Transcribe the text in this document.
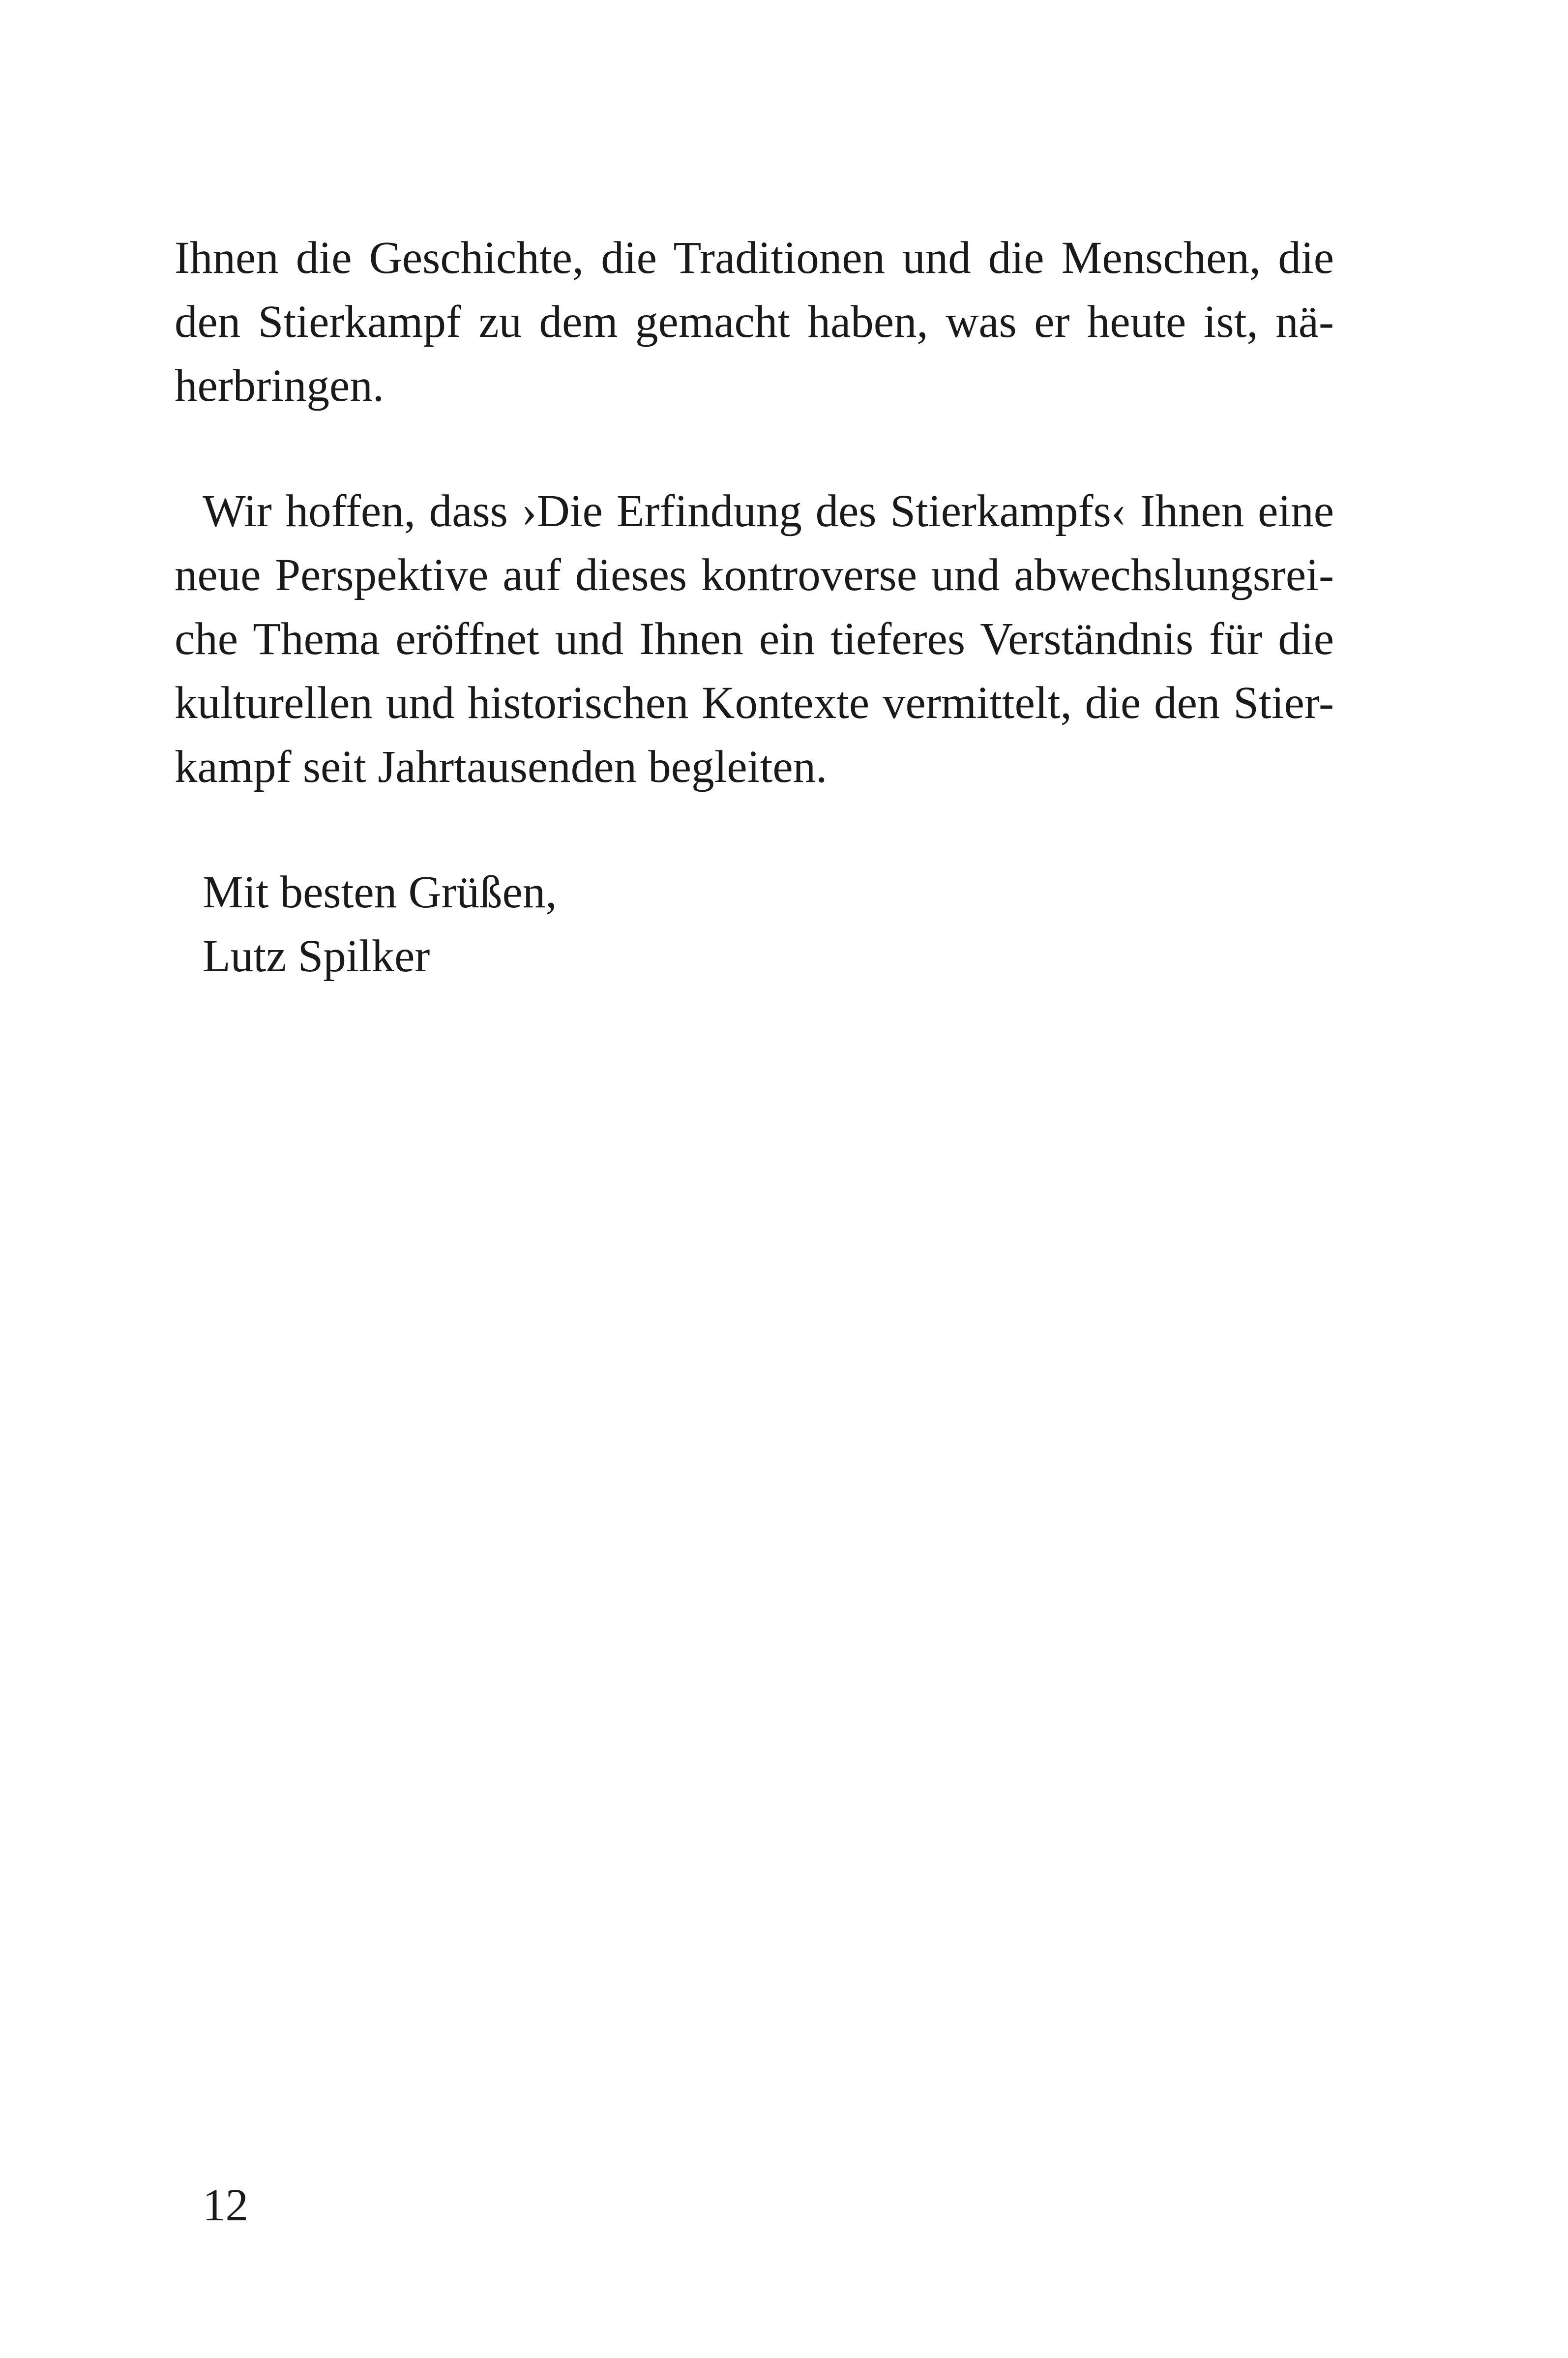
Ihnen die Geschichte, die Traditionen und die Menschen, die
den Stierkampf zu dem gemacht haben, was er heute ist, nä-
herbringen.
Wir hoffen, dass ›Die Erfindung des Stierkampfs‹ Ihnen eine
neue Perspektive auf dieses kontroverse und abwechslungsrei-
che Thema eröffnet und Ihnen ein tieferes Verständnis für die
kulturellen und historischen Kontexte vermittelt, die den Stier-
kampf seit Jahrtausenden begleiten.
Mit besten Grüßen,
Lutz Spilker
12
